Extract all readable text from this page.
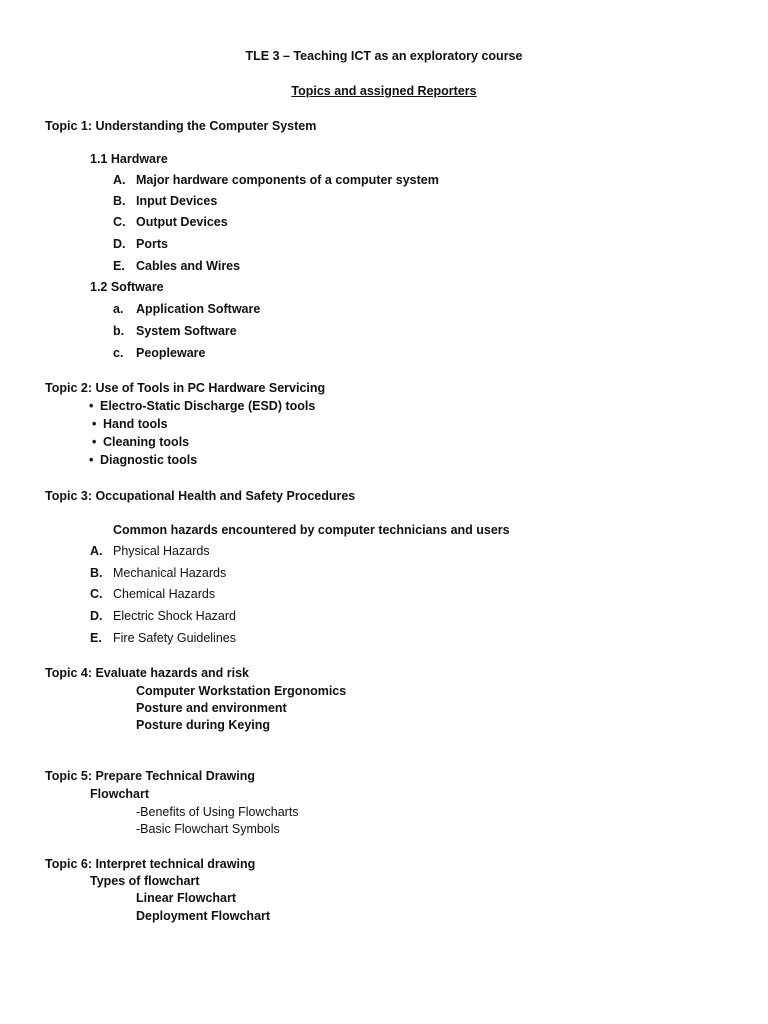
TLE 3 – Teaching ICT as an exploratory course
Topics and assigned Reporters
Topic 1: Understanding the Computer System
1.1 Hardware
A. Major hardware components of a computer system
B. Input Devices
C. Output Devices
D. Ports
E. Cables and Wires
1.2 Software
a. Application Software
b. System Software
c. Peopleware
Topic 2: Use of Tools in PC Hardware Servicing
• Electro-Static Discharge (ESD) tools
• Hand tools
• Cleaning tools
• Diagnostic tools
Topic 3: Occupational Health and Safety Procedures
Common hazards encountered by computer technicians and users
A. Physical Hazards
B. Mechanical Hazards
C. Chemical Hazards
D. Electric Shock Hazard
E. Fire Safety Guidelines
Topic 4: Evaluate hazards and risk
Computer Workstation Ergonomics
Posture and environment
Posture during Keying
Topic 5: Prepare Technical Drawing
Flowchart
-Benefits of Using Flowcharts
-Basic Flowchart Symbols
Topic 6: Interpret technical drawing
Types of flowchart
Linear Flowchart
Deployment Flowchart
